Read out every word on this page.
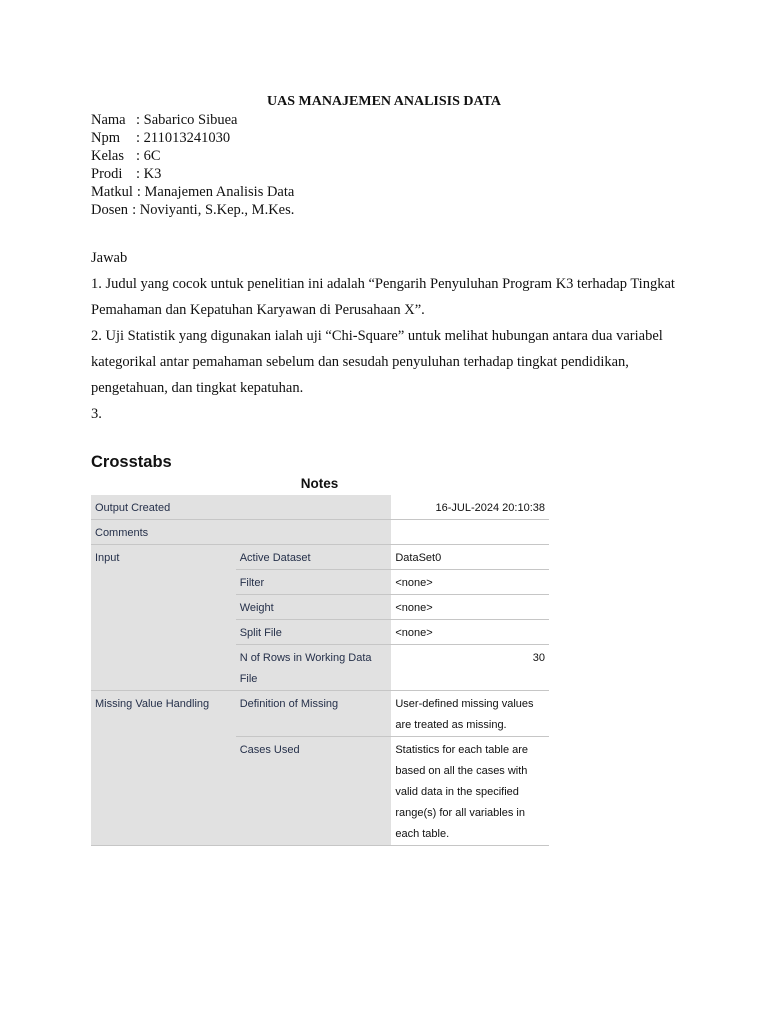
UAS MANAJEMEN ANALISIS DATA
Nama : Sabarico Sibuea
Npm	: 211013241030
Kelas : 6C
Prodi : K3
Matkul : Manajemen Analisis Data
Dosen : Noviyanti, S.Kep., M.Kes.

Jawab

1. Judul yang cocok untuk penelitian ini adalah “Pengarih Penyuluhan Program K3 terhadap Tingkat Pemahaman dan Kepatuhan Karyawan di Perusahaan X”.

2. Uji Statistik yang digunakan ialah uji “Chi-Square” untuk melihat hubungan antara dua variabel kategorikal antar pemahaman sebelum dan sesudah penyuluhan terhadap tingkat pendidikan, pengetahuan, dan tingkat kepatuhan.

3.

Crosstabs
Notes
Output Created		16-JUL-2024 20:10:38
Comments		
Input	Active Dataset	DataSet0
	Filter	<none>
	Weight	<none>
	Split File	<none>
	N of Rows in Working Data File	30
Missing Value Handling	Definition of Missing	User-defined missing values are treated as missing.
	Cases Used	Statistics for each table are based on all the cases with valid data in the specified range(s) for all variables in each table.
